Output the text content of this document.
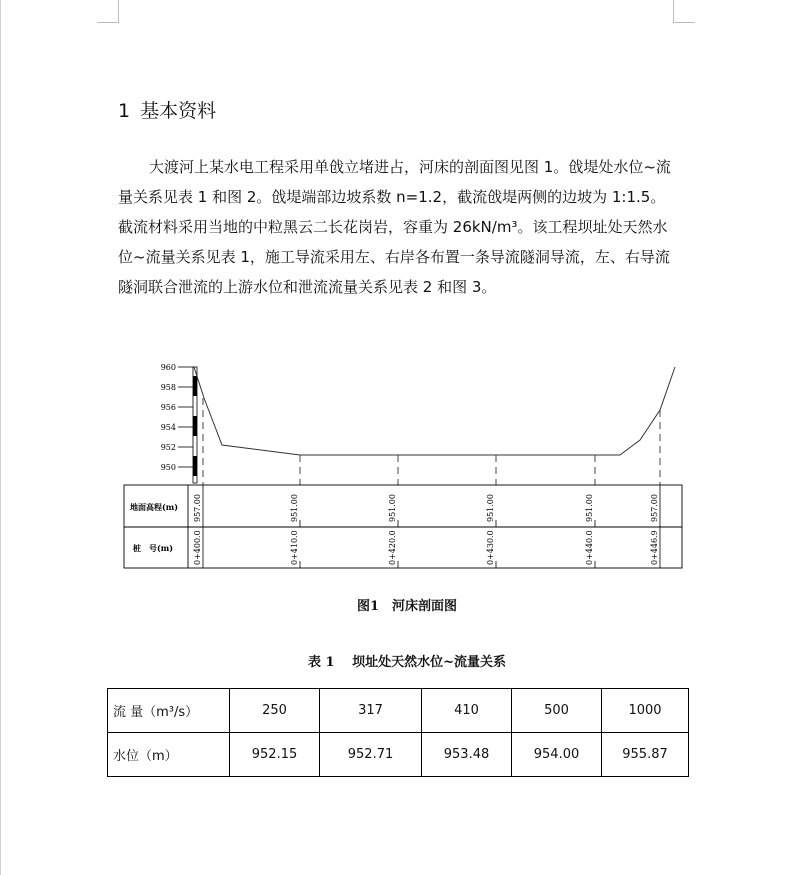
1 基本资料

大渡河上某水电工程采用单戗立堵进占，河床的剖面图见图 1。戗堤处水位~流量关系见表 1 和图 2。戗堤端部边坡系数 n=1.2，截流戗堤两侧的边坡为 1:1.5。截流材料采用当地的中粒黑云二长花岗岩，容重为 26kN/m³。该工程坝址处天然水位~流量关系见表 1，施工导流采用左、右岸各布置一条导流隧洞导流，左、右导流隧洞联合泄流的上游水位和泄流流量关系见表 2 和图 3。

960
958
956
954
952
950
地面高程(m)
桩　号(m)
957.00	951.00	951.00	951.00	951.00	957.00
0+400.0	0+410.0	0+420.0	0+430.0	0+440.0	0+446.9
图1　河床剖面图
表 1　 坝址处天然水位~流量关系
流 量（m³/s）	250	317	410	500	1000
水位（m）	952.15	952.71	953.48	954.00	955.87
